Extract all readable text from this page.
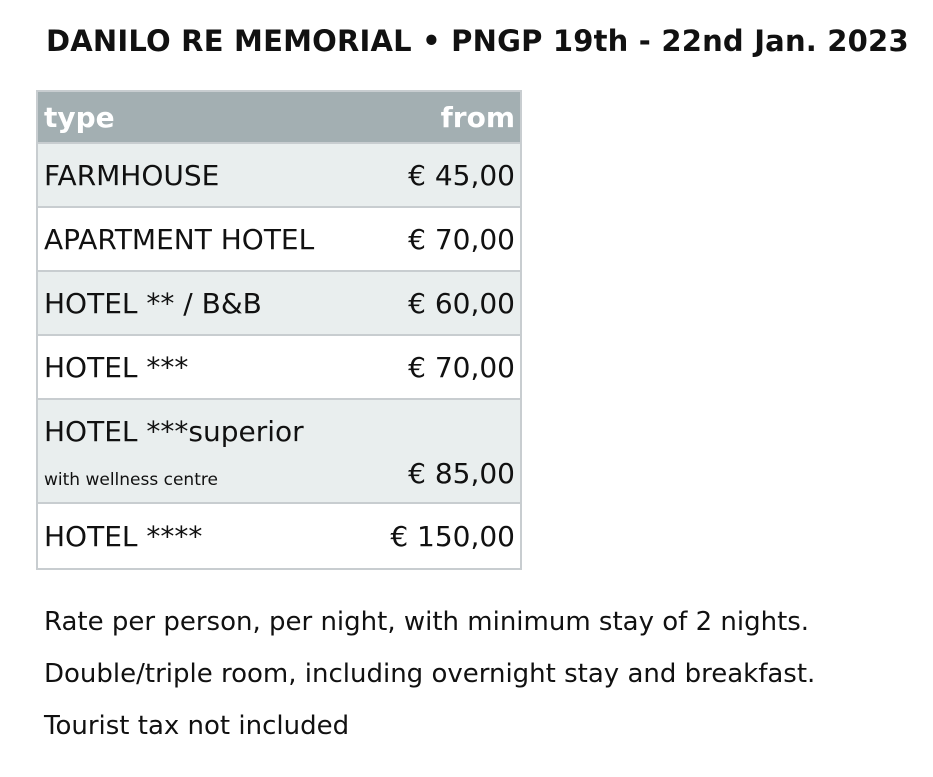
DANILO RE MEMORIAL • PNGP 19th - 22nd Jan. 2023
type	from
FARMHOUSE	€ 45,00
APARTMENT HOTEL	€ 70,00
HOTEL ** / B&B	€ 60,00
HOTEL ***	€ 70,00
HOTEL ***superior
with wellness centre	€ 85,00
HOTEL ****	€ 150,00
Rate per person, per night, with minimum stay of 2 nights.
Double/triple room, including overnight stay and breakfast.
Tourist tax not included
